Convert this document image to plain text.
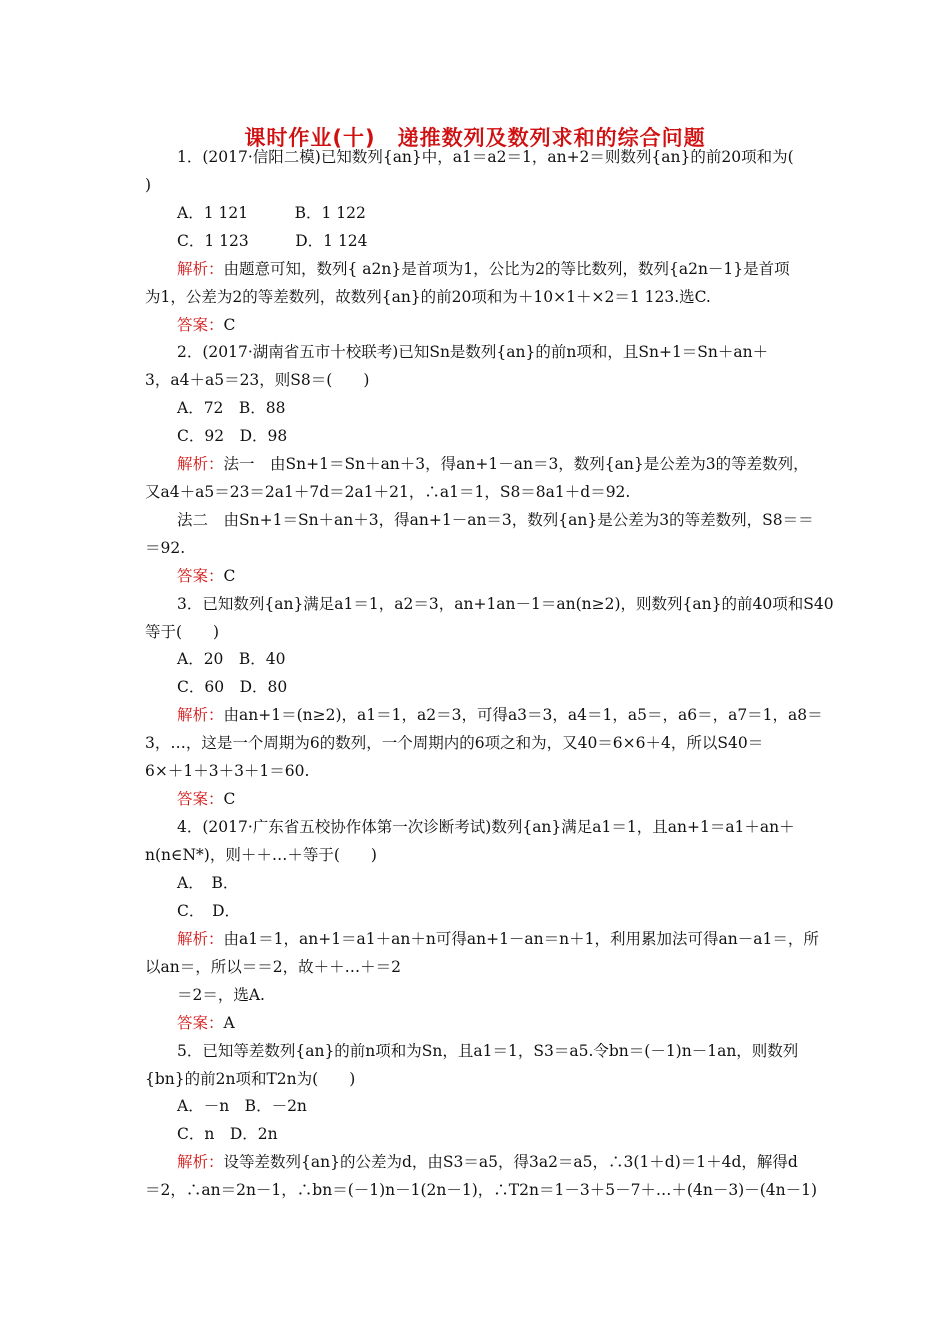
课时作业(十)　递推数列及数列求和的综合问题
1．(2017·信阳二模)已知数列{an}中，a1＝a2＝1，an+2＝则数列{an}的前20项和为(
)
A．1 121　　　B．1 122
C．1 123　　　D．1 124
解析：由题意可知，数列{ a2n}是首项为1，公比为2的等比数列，数列{a2n－1}是首项
为1，公差为2的等差数列，故数列{an}的前20项和为＋10×1＋×2＝1 123.选C.
答案：C
2．(2017·湖南省五市十校联考)已知Sn是数列{an}的前n项和，且Sn+1＝Sn＋an＋
3，a4＋a5＝23，则S8＝(　　)
A．72　B．88
C．92　D．98
解析：法一　由Sn+1＝Sn＋an＋3，得an+1－an＝3，数列{an}是公差为3的等差数列，
又a4＋a5＝23＝2a1＋7d＝2a1＋21，∴a1＝1，S8＝8a1＋d＝92.
法二　由Sn+1＝Sn＋an＋3，得an+1－an＝3，数列{an}是公差为3的等差数列，S8＝＝
＝92.
答案：C
3．已知数列{an}满足a1＝1，a2＝3，an+1an－1＝an(n≥2)，则数列{an}的前40项和S40
等于(　　)
A．20　B．40
C．60　D．80
解析：由an+1＝(n≥2)，a1＝1，a2＝3，可得a3＝3，a4＝1，a5＝，a6＝，a7＝1，a8＝
3，…，这是一个周期为6的数列，一个周期内的6项之和为，又40＝6×6＋4，所以S40＝
6×＋1＋3＋3＋1＝60.
答案：C
4．(2017·广东省五校协作体第一次诊断考试)数列{an}满足a1＝1，且an+1＝a1＋an＋
n(n∈N*)，则＋＋…＋等于(　　)
A．　B．
C．　D．
解析：由a1＝1，an+1＝a1＋an＋n可得an+1－an＝n＋1，利用累加法可得an－a1＝，所
以an＝，所以＝＝2，故＋＋…＋＝2
＝2＝，选A.
答案：A
5．已知等差数列{an}的前n项和为Sn，且a1＝1，S3＝a5.令bn＝(－1)n－1an，则数列
{bn}的前2n项和T2n为(　　)
A．－n　B．－2n
C．n　D．2n
解析：设等差数列{an}的公差为d，由S3＝a5，得3a2＝a5，∴3(1＋d)＝1＋4d，解得d
＝2，∴an＝2n－1，∴bn＝(－1)n－1(2n－1)，∴T2n＝1－3＋5－7＋…＋(4n－3)－(4n－1)
